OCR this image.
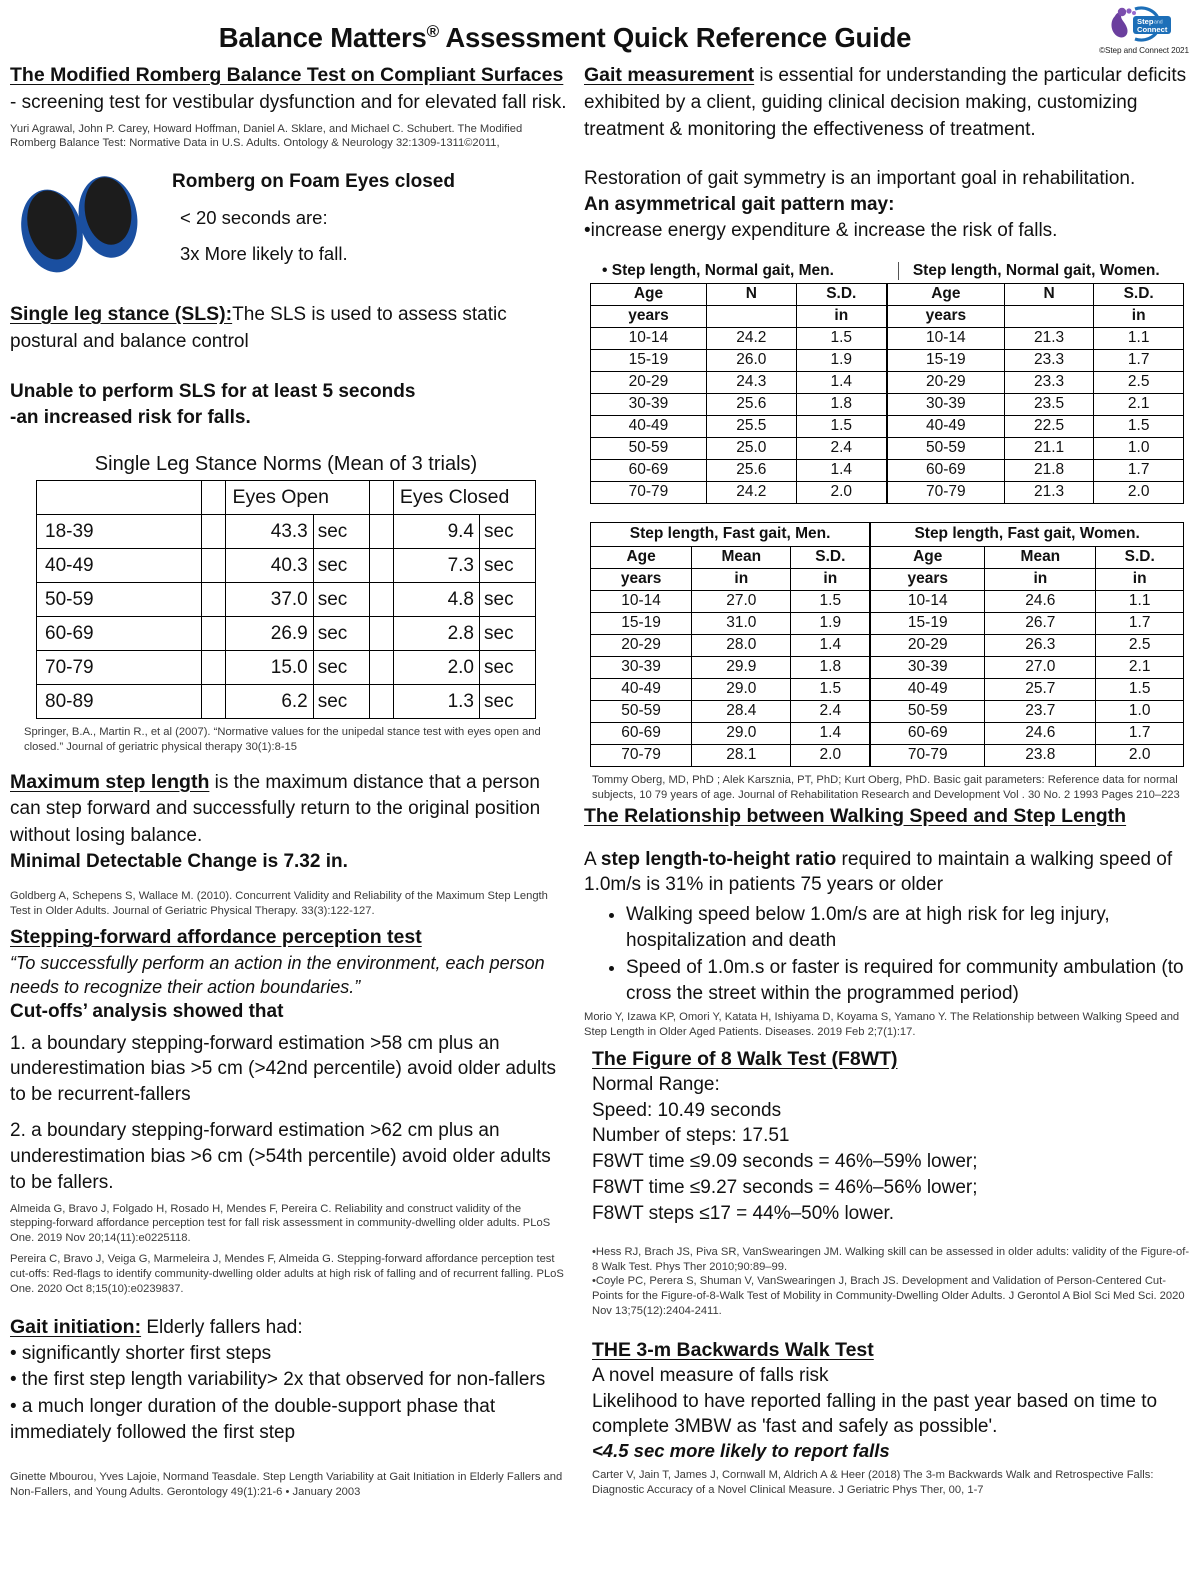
Balance Matters® Assessment Quick Reference Guide
Step and
Connect
©Step and Connect 2021
The Modified Romberg Balance Test on Compliant Surfaces - screening test for vestibular dysfunction and for elevated fall risk.
Yuri Agrawal, John P. Carey, Howard Hoffman, Daniel A. Sklare, and Michael C. Schubert. The Modified Romberg Balance Test: Normative Data in U.S. Adults. Ontology & Neurology 32:1309-1311©2011,
Romberg on Foam Eyes closed
< 20 seconds are:
3x More likely to fall.
Single leg stance (SLS):The SLS is used to assess static postural and balance control
Unable to perform SLS for at least 5 seconds
-an increased risk for falls.
Single Leg Stance Norms (Mean of 3 trials)						
		Eyes Open			Eyes Closed	
18-39		43.3	sec		9.4	sec
40-49		40.3	sec		7.3	sec
50-59		37.0	sec		4.8	sec
60-69		26.9	sec		2.8	sec
70-79		15.0	sec		2.0	sec
80-89		6.2	sec		1.3	sec
Springer, B.A., Martin R., et al (2007). “Normative values for the unipedal stance test with eyes open and closed.” Journal of geriatric physical therapy 30(1):8-15
Maximum step length is the maximum distance that a person can step forward and successfully return to the original position without losing balance.
Minimal Detectable Change is 7.32 in.
Goldberg A, Schepens S, Wallace M. (2010). Concurrent Validity and Reliability of the Maximum Step Length Test in Older Adults. Journal of Geriatric Physical Therapy. 33(3):122-127.
Stepping-forward affordance perception test
“To successfully perform an action in the environment, each person needs to recognize their action boundaries.”
Cut-offs’ analysis showed that
1. a boundary stepping-forward estimation >58 cm plus an underestimation bias >5 cm (>42nd percentile) avoid older adults to be recurrent-fallers
2. a boundary stepping-forward estimation >62 cm plus an underestimation bias >6 cm (>54th percentile) avoid older adults to be fallers.
Almeida G, Bravo J, Folgado H, Rosado H, Mendes F, Pereira C. Reliability and construct validity of the stepping-forward affordance perception test for fall risk assessment in community-dwelling older adults. PLoS One. 2019 Nov 20;14(11):e0225118.
Pereira C, Bravo J, Veiga G, Marmeleira J, Mendes F, Almeida G. Stepping-forward affordance perception test cut-offs: Red-flags to identify community-dwelling older adults at high risk of falling and of recurrent falling. PLoS One. 2020 Oct 8;15(10):e0239837.
Gait initiation: Elderly fallers had:
• significantly shorter first steps
• the first step length variability> 2x that observed for non-fallers
• a much longer duration of the double-support phase that immediately followed the first step
Ginette Mbourou, Yves Lajoie, Normand Teasdale. Step Length Variability at Gait Initiation in Elderly Fallers and Non-Fallers, and Young Adults. Gerontology 49(1):21-6 • January 2003
Gait measurement is essential for understanding the particular deficits exhibited by a client, guiding clinical decision making, customizing treatment & monitoring the effectiveness of treatment.
Restoration of gait symmetry is an important goal in rehabilitation.
An asymmetrical gait pattern may:
•increase energy expenditure & increase the risk of falls.
• Step length, Normal gait, Men.	Step length, Normal gait, Women.
Age	N	S.D.	Age	N	S.D.
years		in	years		in
10-14	24.2	1.5	10-14	21.3	1.1
15-19	26.0	1.9	15-19	23.3	1.7
20-29	24.3	1.4	20-29	23.3	2.5
30-39	25.6	1.8	30-39	23.5	2.1
40-49	25.5	1.5	40-49	22.5	1.5
50-59	25.0	2.4	50-59	21.1	1.0
60-69	25.6	1.4	60-69	21.8	1.7
70-79	24.2	2.0	70-79	21.3	2.0
Step length, Fast gait, Men.			Step length, Fast gait, Women.		
Age	Mean	S.D.	Age	Mean	S.D.
years	in	in	years	in	in
10-14	27.0	1.5	10-14	24.6	1.1
15-19	31.0	1.9	15-19	26.7	1.7
20-29	28.0	1.4	20-29	26.3	2.5
30-39	29.9	1.8	30-39	27.0	2.1
40-49	29.0	1.5	40-49	25.7	1.5
50-59	28.4	2.4	50-59	23.7	1.0
60-69	29.0	1.4	60-69	24.6	1.7
70-79	28.1	2.0	70-79	23.8	2.0
Tommy Oberg, MD, PhD ; Alek Karsznia, PT, PhD; Kurt Oberg, PhD. Basic gait parameters: Reference data for normal subjects, 10 79 years of age. Journal of Rehabilitation Research and Development Vol . 30 No. 2 1993 Pages 210–223
The Relationship between Walking Speed and Step Length
A step length-to-height ratio required to maintain a walking speed of 1.0m/s is 31% in patients 75 years or older
• Walking speed below 1.0m/s are at high risk for leg injury, hospitalization and death
• Speed of 1.0m.s or faster is required for community ambulation (to cross the street within the programmed period)
Morio Y, Izawa KP, Omori Y, Katata H, Ishiyama D, Koyama S, Yamano Y. The Relationship between Walking Speed and Step Length in Older Aged Patients. Diseases. 2019 Feb 2;7(1):17.
The Figure of 8 Walk Test (F8WT)
Normal Range:
Speed: 10.49 seconds
Number of steps: 17.51
F8WT time ≤9.09 seconds = 46%–59% lower;
F8WT time ≤9.27 seconds = 46%–56% lower;
F8WT steps ≤17 = 44%–50% lower.
•Hess RJ, Brach JS, Piva SR, VanSwearingen JM. Walking skill can be assessed in older adults: validity of the Figure-of-8 Walk Test. Phys Ther 2010;90:89–99.
•Coyle PC, Perera S, Shuman V, VanSwearingen J, Brach JS. Development and Validation of Person-Centered Cut-Points for the Figure-of-8-Walk Test of Mobility in Community-Dwelling Older Adults. J Gerontol A Biol Sci Med Sci. 2020 Nov 13;75(12):2404-2411.
THE 3-m Backwards Walk Test
A novel measure of falls risk
Likelihood to have reported falling in the past year based on time to complete 3MBW as 'fast and safely as possible'.
<4.5 sec more likely to report falls
Carter V, Jain T, James J, Cornwall M, Aldrich A & Heer (2018) The 3-m Backwards Walk and Retrospective Falls: Diagnostic Accuracy of a Novel Clinical Measure. J Geriatric Phys Ther, 00, 1-7
